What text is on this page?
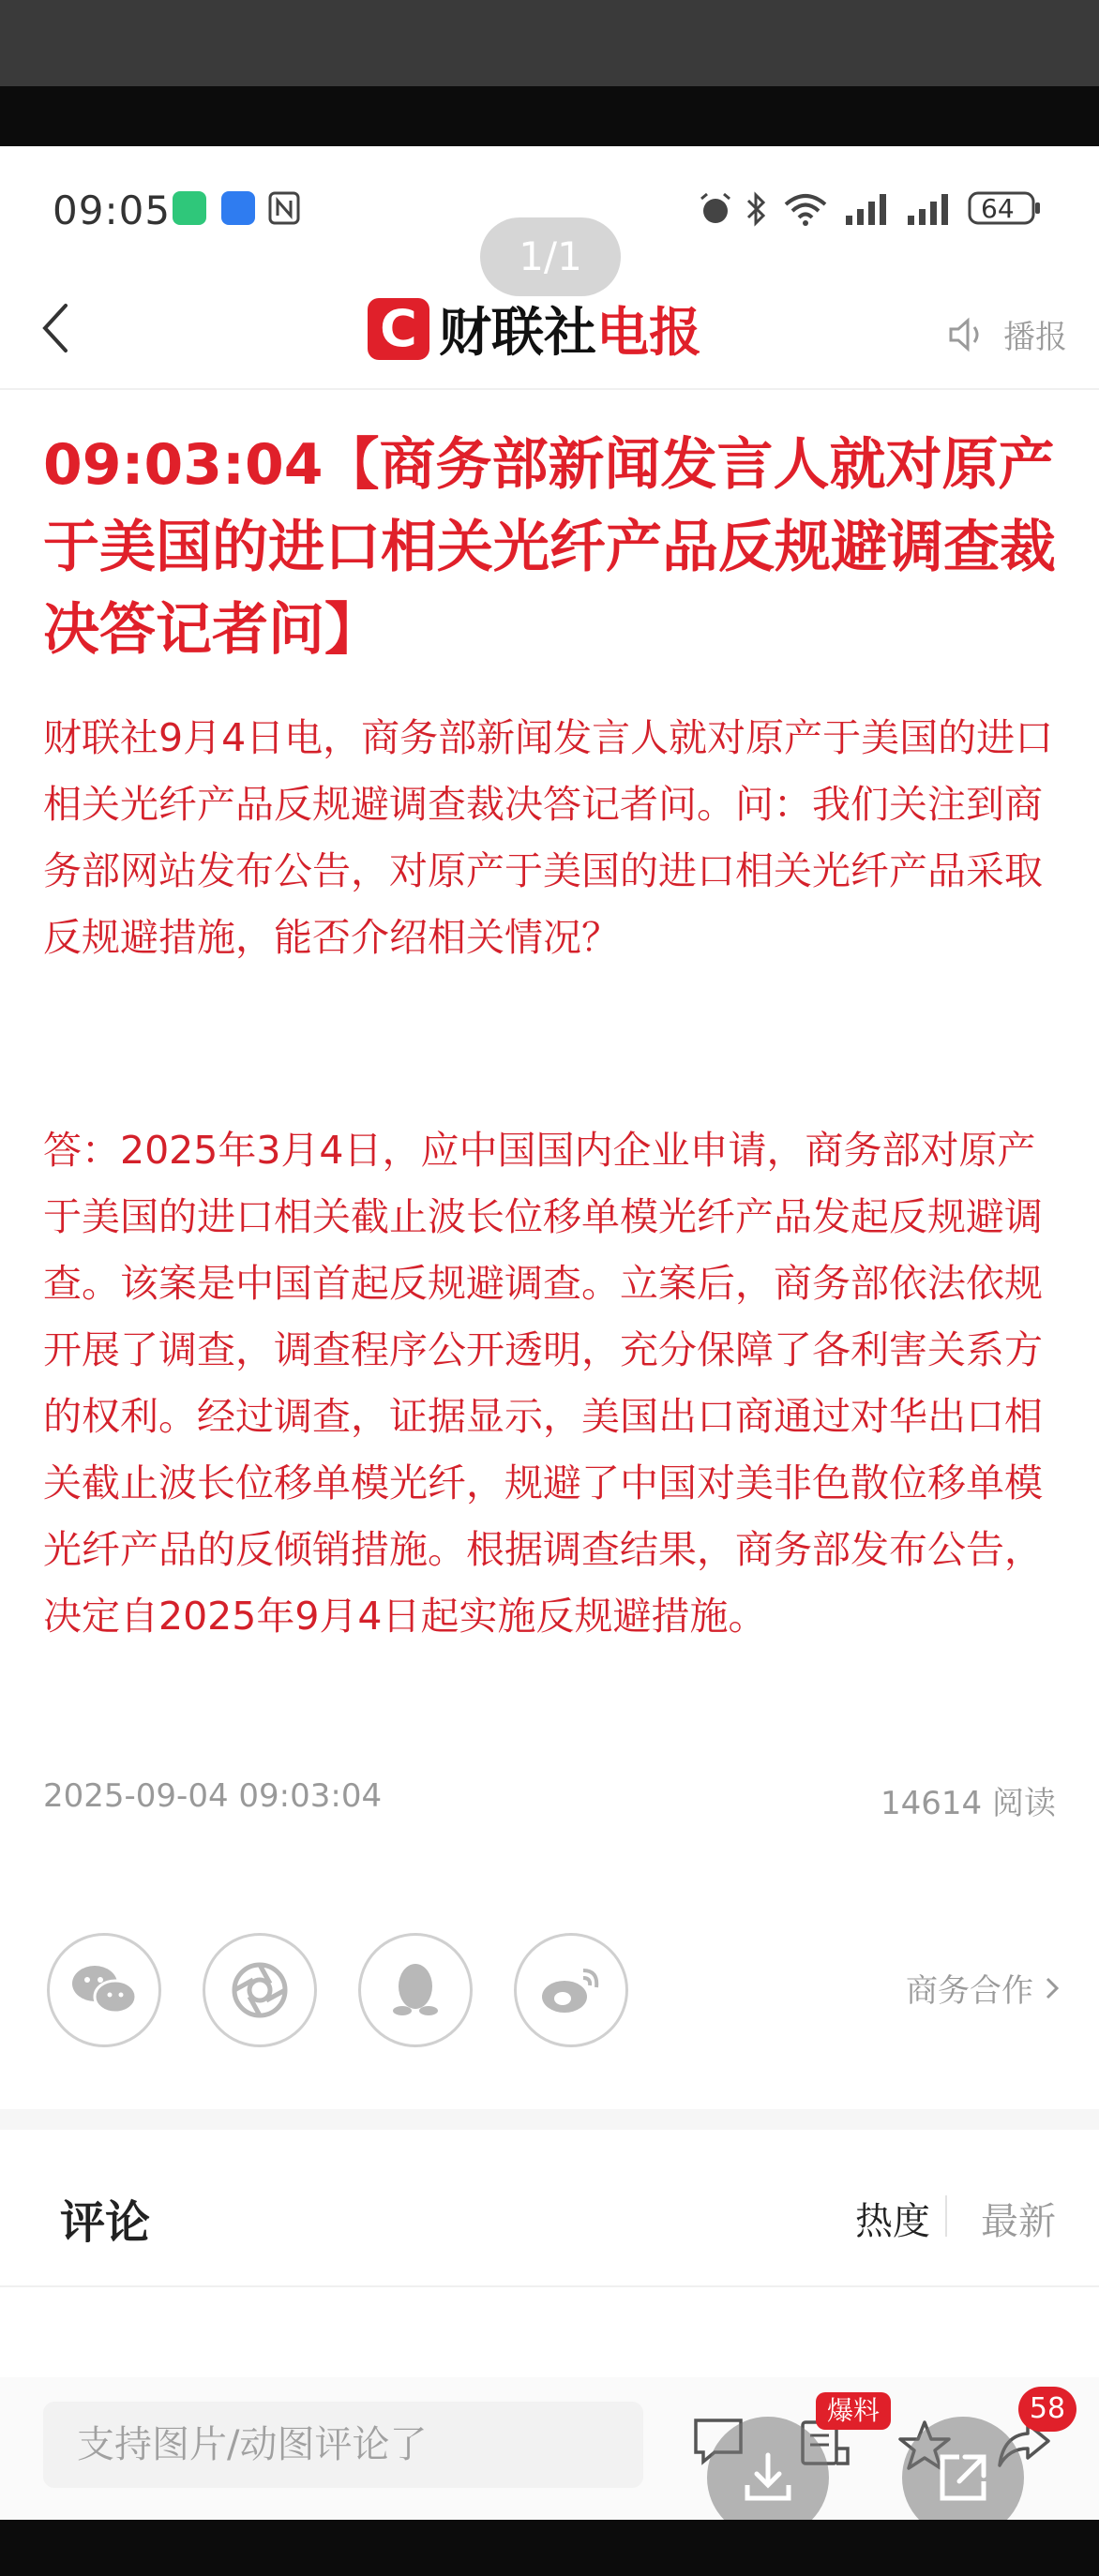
09:05	64
1/1
C 财联社 电报	播报
09:03:04【商务部新闻发言人就对原产于美国的进口相关光纤产品反规避调查裁决答记者问】
财联社9月4日电，商务部新闻发言人就对原产于美国的进口相关光纤产品反规避调查裁决答记者问。问：我们关注到商务部网站发布公告，对原产于美国的进口相关光纤产品采取反规避措施，能否介绍相关情况？
答：2025年3月4日，应中国国内企业申请，商务部对原产于美国的进口相关截止波长位移单模光纤产品发起反规避调查。该案是中国首起反规避调查。立案后，商务部依法依规开展了调查，调查程序公开透明，充分保障了各利害关系方的权利。经过调查，证据显示，美国出口商通过对华出口相关截止波长位移单模光纤，规避了中国对美非色散位移单模光纤产品的反倾销措施。根据调查结果，商务部发布公告，决定自2025年9月4日起实施反规避措施。
2025-09-04 09:03:04	14614 阅读
商务合作
评论	热度 最新
支持图片/动图评论了
爆料	58
